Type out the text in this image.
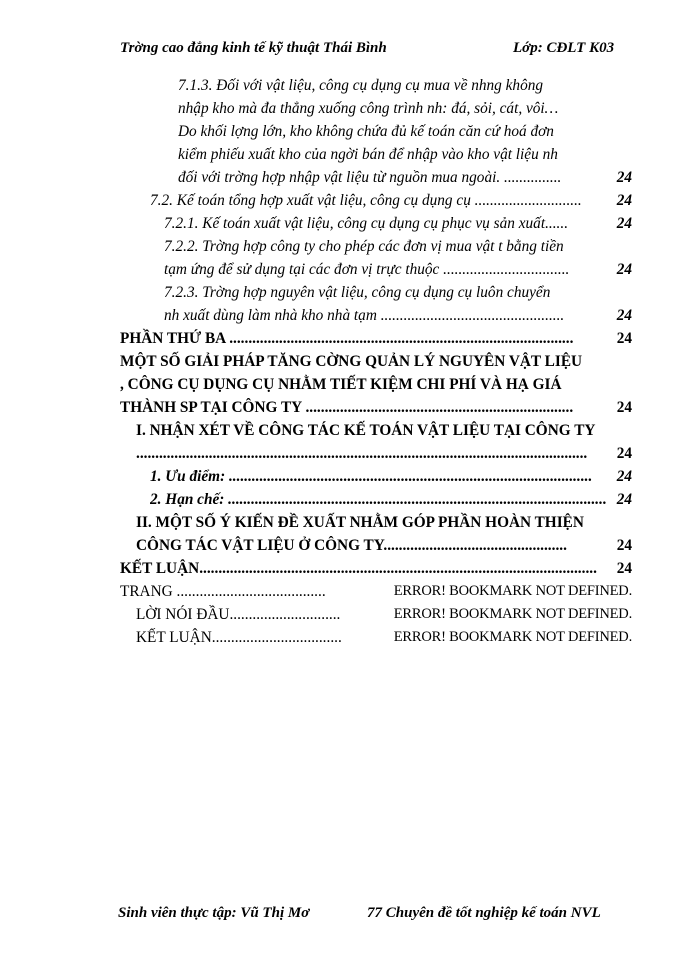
Trờng cao đẳng kinh tế kỹ thuật Thái Bình	Lớp: CĐLT K03
7.1.3. Đối với vật liệu, công cụ dụng cụ mua về nhng không
nhập kho mà đa thẳng xuống công trình nh: đá, sỏi, cát, vôi…
Do khối lợng lớn, kho không chứa đủ kế toán căn cứ hoá đơn
kiểm phiếu xuất kho của ngời bán để nhập vào kho vật liệu nh
đối với trờng hợp nhập vật liệu từ nguồn mua ngoài. ...............	24
7.2. Kế toán tổng hợp xuất vật liệu, công cụ dụng cụ ............................	24
7.2.1. Kế toán xuất vật liệu, công cụ dụng cụ phục vụ sản xuất......	24
7.2.2. Trờng hợp công ty cho phép các đơn vị mua vật t bằng tiền
tạm ứng để sử dụng tại các đơn vị trực thuộc .................................	24
7.2.3. Trờng hợp nguyên vật liệu, công cụ dụng cụ luôn chuyển
nh xuất dùng làm nhà kho nhà tạm ................................................	24
PHẦN THỨ BA ..........................................................................................	24
MỘT SỐ GIẢI PHÁP TĂNG CỜNG QUẢN LÝ NGUYÊN VẬT LIỆU
, CÔNG CỤ DỤNG CỤ NHẰM TIẾT KIỆM CHI PHÍ VÀ HẠ GIÁ
THÀNH SP TẠI CÔNG TY ......................................................................	24
I. NHẬN XÉT VỀ CÔNG TÁC KẾ TOÁN VẬT LIỆU TẠI CÔNG TY
......................................................................................................................	24
1. Ưu điểm: ...............................................................................................	24
2. Hạn chế: ................................................................................................... 24
II. MỘT SỐ Ý KIẾN ĐỀ XUẤT NHẰM GÓP PHẦN HOÀN THIỆN
CÔNG TÁC VẬT LIỆU Ở CÔNG TY................................................	24
KẾT LUẬN........................................................................................................	24
TRANG .......................................	ERROR! BOOKMARK NOT DEFINED.
LỜI NÓI ĐẦU.............................	ERROR! BOOKMARK NOT DEFINED.
KẾT LUẬN..................................	ERROR! BOOKMARK NOT DEFINED.
Sinh viên thực tập: Vũ Thị Mơ	77 Chuyên đề tốt nghiệp kế toán NVL
